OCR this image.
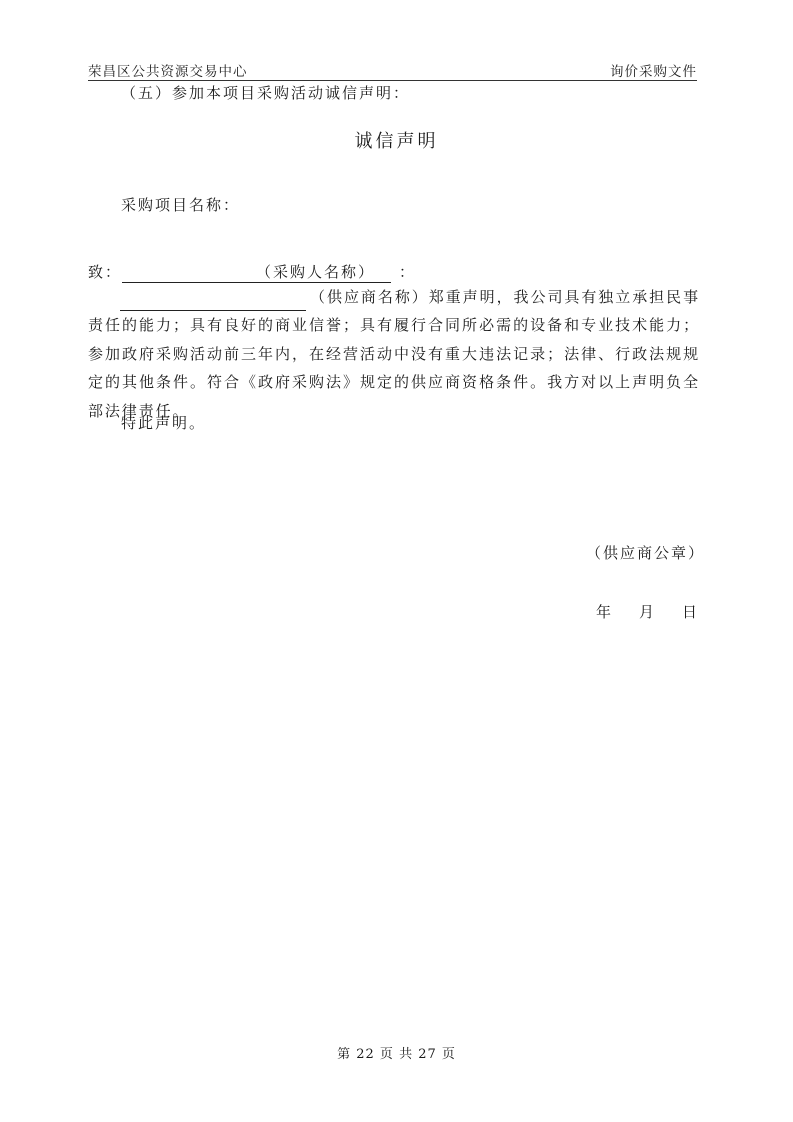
荣昌区公共资源交易中心	询价采购文件
（五）参加本项目采购活动诚信声明：
诚信声明
采购项目名称：
致：	（采购人名称） ：
（供应商名称）郑重声明，我公司具有独立承担民事责任的能力；具有良好的商业信誉；具有履行合同所必需的设备和专业技术能力；参加政府采购活动前三年内，在经营活动中没有重大违法记录；法律、行政法规规定的其他条件。符合《政府采购法》规定的供应商资格条件。我方对以上声明负全部法律责任。
特此声明。
（供应商公章）
年 月 日
第 22 页 共 27 页
